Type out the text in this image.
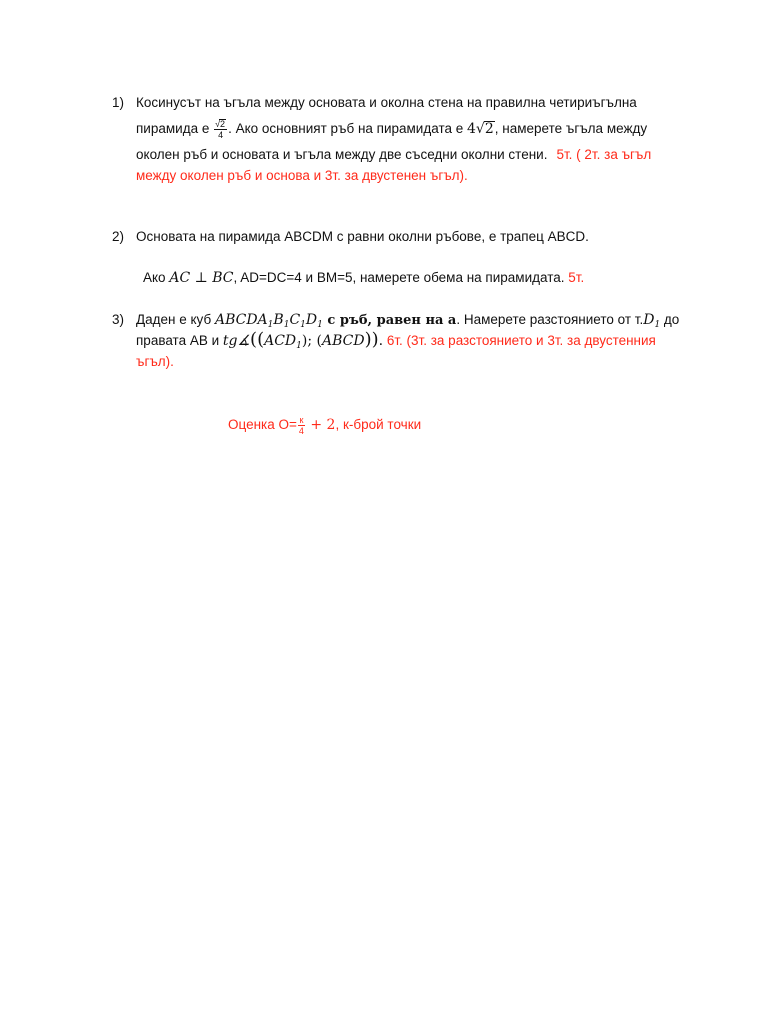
1) Косинусът на ъгъла между основата и околна стена на правилна четириъгълна
пирамида е $\frac{√2}{4}$ . Ако основният ръб на пирамидата е 4√2, намерете ъгъла между
околен ръб и основата и ъгъла между две съседни околни стени. 5т. ( 2т. за ъгъл
между околен ръб и основа и 3т. за двустенен ъгъл).
2) Основата на пирамида ABCDM с равни околни ръбове, е трапец ABCD.
Ако AC ⊥ BC, AD=DC=4 и BM=5, намерете обема на пирамидата. 5т.
3) Даден е куб $ABCDA_1B_1C_1D_1$ с ръб, равен на a. Намерете разстоянието от $т.D_1$ до
правата AB и $tg∡((ACD_1)$; (ABCD)). 6т. (3т. за разстоянието и 3т. за двустенния
ъгъл).
Оценка $O= \frac{к}{4} + 2$, к-брой точки
